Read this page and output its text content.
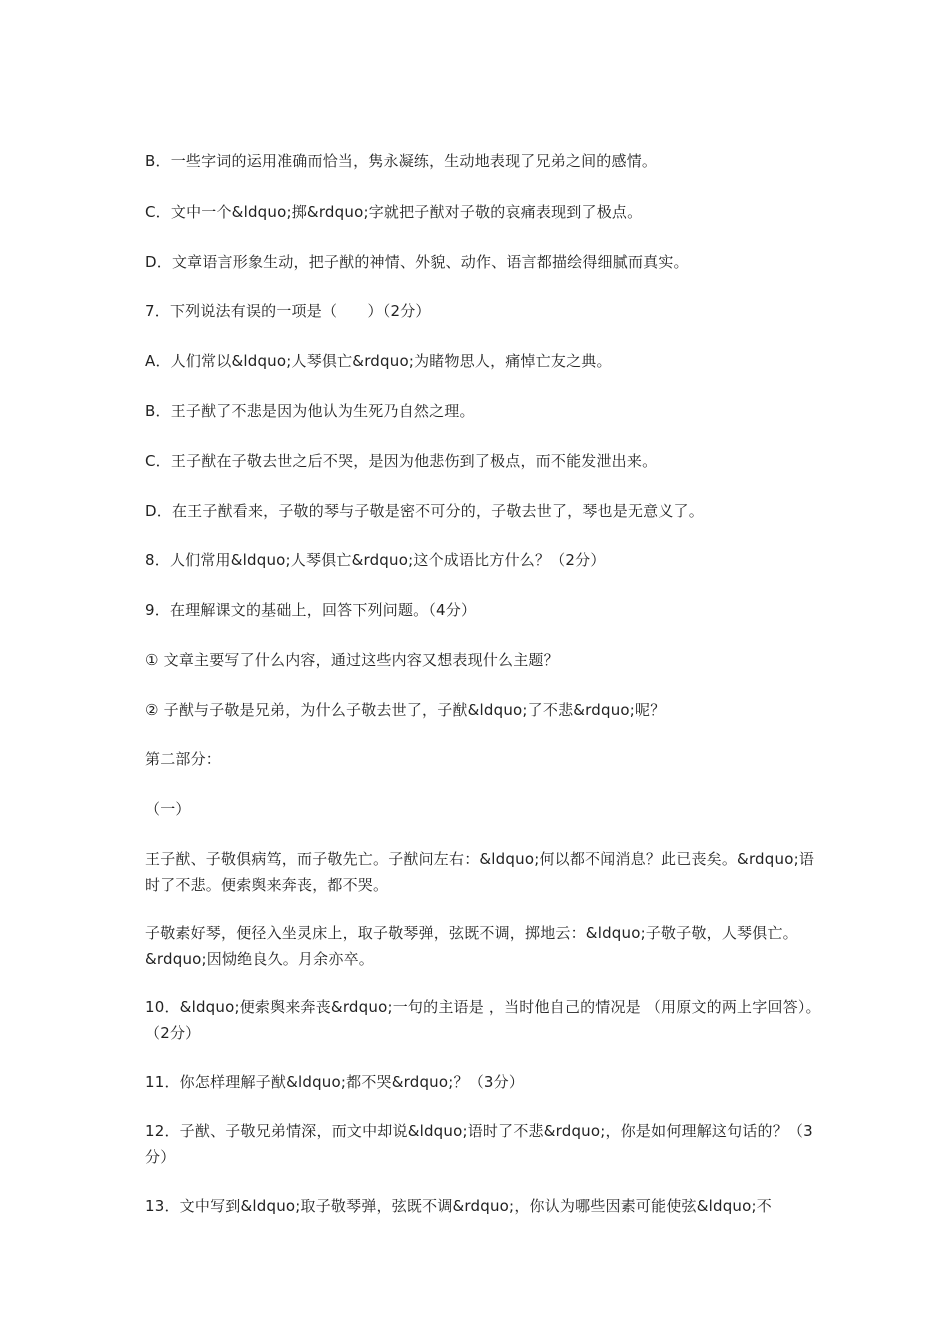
B．一些字词的运用准确而恰当，隽永凝练，生动地表现了兄弟之间的感情。
C．文中一个&ldquo;掷&rdquo;字就把子猷对子敬的哀痛表现到了极点。
D．文章语言形象生动，把子猷的神情、外貌、动作、语言都描绘得细腻而真实。
7．下列说法有误的一项是（　　）（2分）
A．人们常以&ldquo;人琴俱亡&rdquo;为睹物思人，痛悼亡友之典。
B．王子猷了不悲是因为他认为生死乃自然之理。
C．王子猷在子敬去世之后不哭，是因为他悲伤到了极点，而不能发泄出来。
D．在王子猷看来，子敬的琴与子敬是密不可分的，子敬去世了，琴也是无意义了。
8．人们常用&ldquo;人琴俱亡&rdquo;这个成语比方什么？（2分）
9．在理解课文的基础上，回答下列问题。（4分）
① 文章主要写了什么内容，通过这些内容又想表现什么主题？
② 子猷与子敬是兄弟，为什么子敬去世了，子猷&ldquo;了不悲&rdquo;呢？
第二部分：
（一）
王子猷、子敬俱病笃，而子敬先亡。子猷问左右：&ldquo;何以都不闻消息？此已丧矣。&rdquo;语时了不悲。便索舆来奔丧，都不哭。
子敬素好琴，便径入坐灵床上，取子敬琴弹，弦既不调，掷地云：&ldquo;子敬子敬，人琴俱亡。&rdquo;因恸绝良久。月余亦卒。
10．&ldquo;便索舆来奔丧&rdquo;一句的主语是 ，当时他自己的情况是 （用原文的两上字回答）。（2分）
11．你怎样理解子猷&ldquo;都不哭&rdquo;？（3分）
12．子猷、子敬兄弟情深，而文中却说&ldquo;语时了不悲&rdquo;，你是如何理解这句话的？（3分）
13．文中写到&ldquo;取子敬琴弹，弦既不调&rdquo;，你认为哪些因素可能使弦&ldquo;不
